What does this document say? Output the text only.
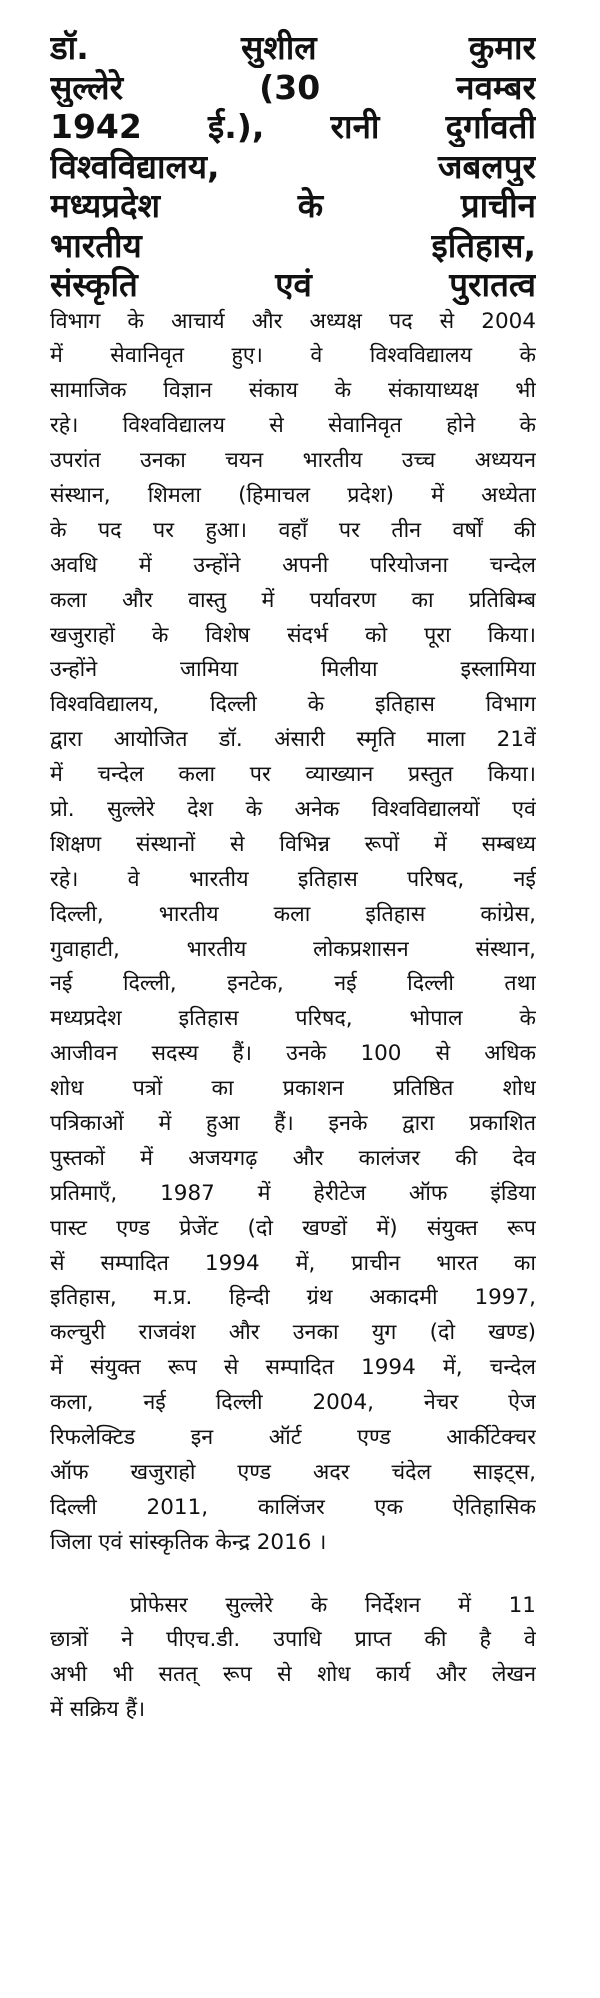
डॉ. सुशील कुमार
सुल्लेरे (30 नवम्बर
1942 ई.), रानी दुर्गावती
विश्वविद्यालय, जबलपुर
मध्यप्रदेश के प्राचीन
भारतीय इतिहास,
संस्कृति एवं पुरातत्व
विभाग के आचार्य और अध्यक्ष पद से 2004
में सेवानिवृत हुए। वे विश्वविद्यालय के
सामाजिक विज्ञान संकाय के संकायाध्यक्ष भी
रहे। विश्वविद्यालय से सेवानिवृत होने के
उपरांत उनका चयन भारतीय उच्च अध्ययन
संस्थान, शिमला (हिमाचल प्रदेश) में अध्येता
के पद पर हुआ। वहाँ पर तीन वर्षों की
अवधि में उन्होंने अपनी परियोजना चन्देल
कला और वास्तु में पर्यावरण का प्रतिबिम्ब
खजुराहों के विशेष संदर्भ को पूरा किया।
उन्होंने जामिया मिलीया इस्लामिया
विश्वविद्यालय, दिल्ली के इतिहास विभाग
द्वारा आयोजित डॉ. अंसारी स्मृति माला 21वें
में चन्देल कला पर व्याख्यान प्रस्तुत किया।
प्रो. सुल्लेरे देश के अनेक विश्वविद्यालयों एवं
शिक्षण संस्थानों से विभिन्न रूपों में सम्बध्य
रहे। वे भारतीय इतिहास परिषद, नई
दिल्ली, भारतीय कला इतिहास कांग्रेस,
गुवाहाटी, भारतीय लोकप्रशासन संस्थान,
नई दिल्ली, इनटेक, नई दिल्ली तथा
मध्यप्रदेश इतिहास परिषद, भोपाल के
आजीवन सदस्य हैं। उनके 100 से अधिक
शोध पत्रों का प्रकाशन प्रतिष्ठित शोध
पत्रिकाओं में हुआ हैं। इनके द्वारा प्रकाशित
पुस्तकों में अजयगढ़ और कालंजर की देव
प्रतिमाएँ, 1987 में हेरीटेज ऑफ इंडिया
पास्ट एण्ड प्रेजेंट (दो खण्डों में) संयुक्त रूप
सें सम्पादित 1994 में, प्राचीन भारत का
इतिहास, म.प्र. हिन्दी ग्रंथ अकादमी 1997,
कल्चुरी राजवंश और उनका युग (दो खण्ड)
में संयुक्त रूप से सम्पादित 1994 में, चन्देल
कला, नई दिल्ली 2004, नेचर ऐज
रिफलेक्टिड इन ऑर्ट एण्ड आर्कीटेक्चर
ऑफ खजुराहो एण्ड अदर चंदेल साइट्स,
दिल्ली 2011, कालिंजर एक ऐतिहासिक
जिला एवं सांस्कृतिक केन्द्र 2016 ।
प्रोफेसर सुल्लेरे के निर्देशन में 11
छात्रों ने पीएच.डी. उपाधि प्राप्त की है वे
अभी भी सतत् रूप से शोध कार्य और लेखन
में सक्रिय हैं।
